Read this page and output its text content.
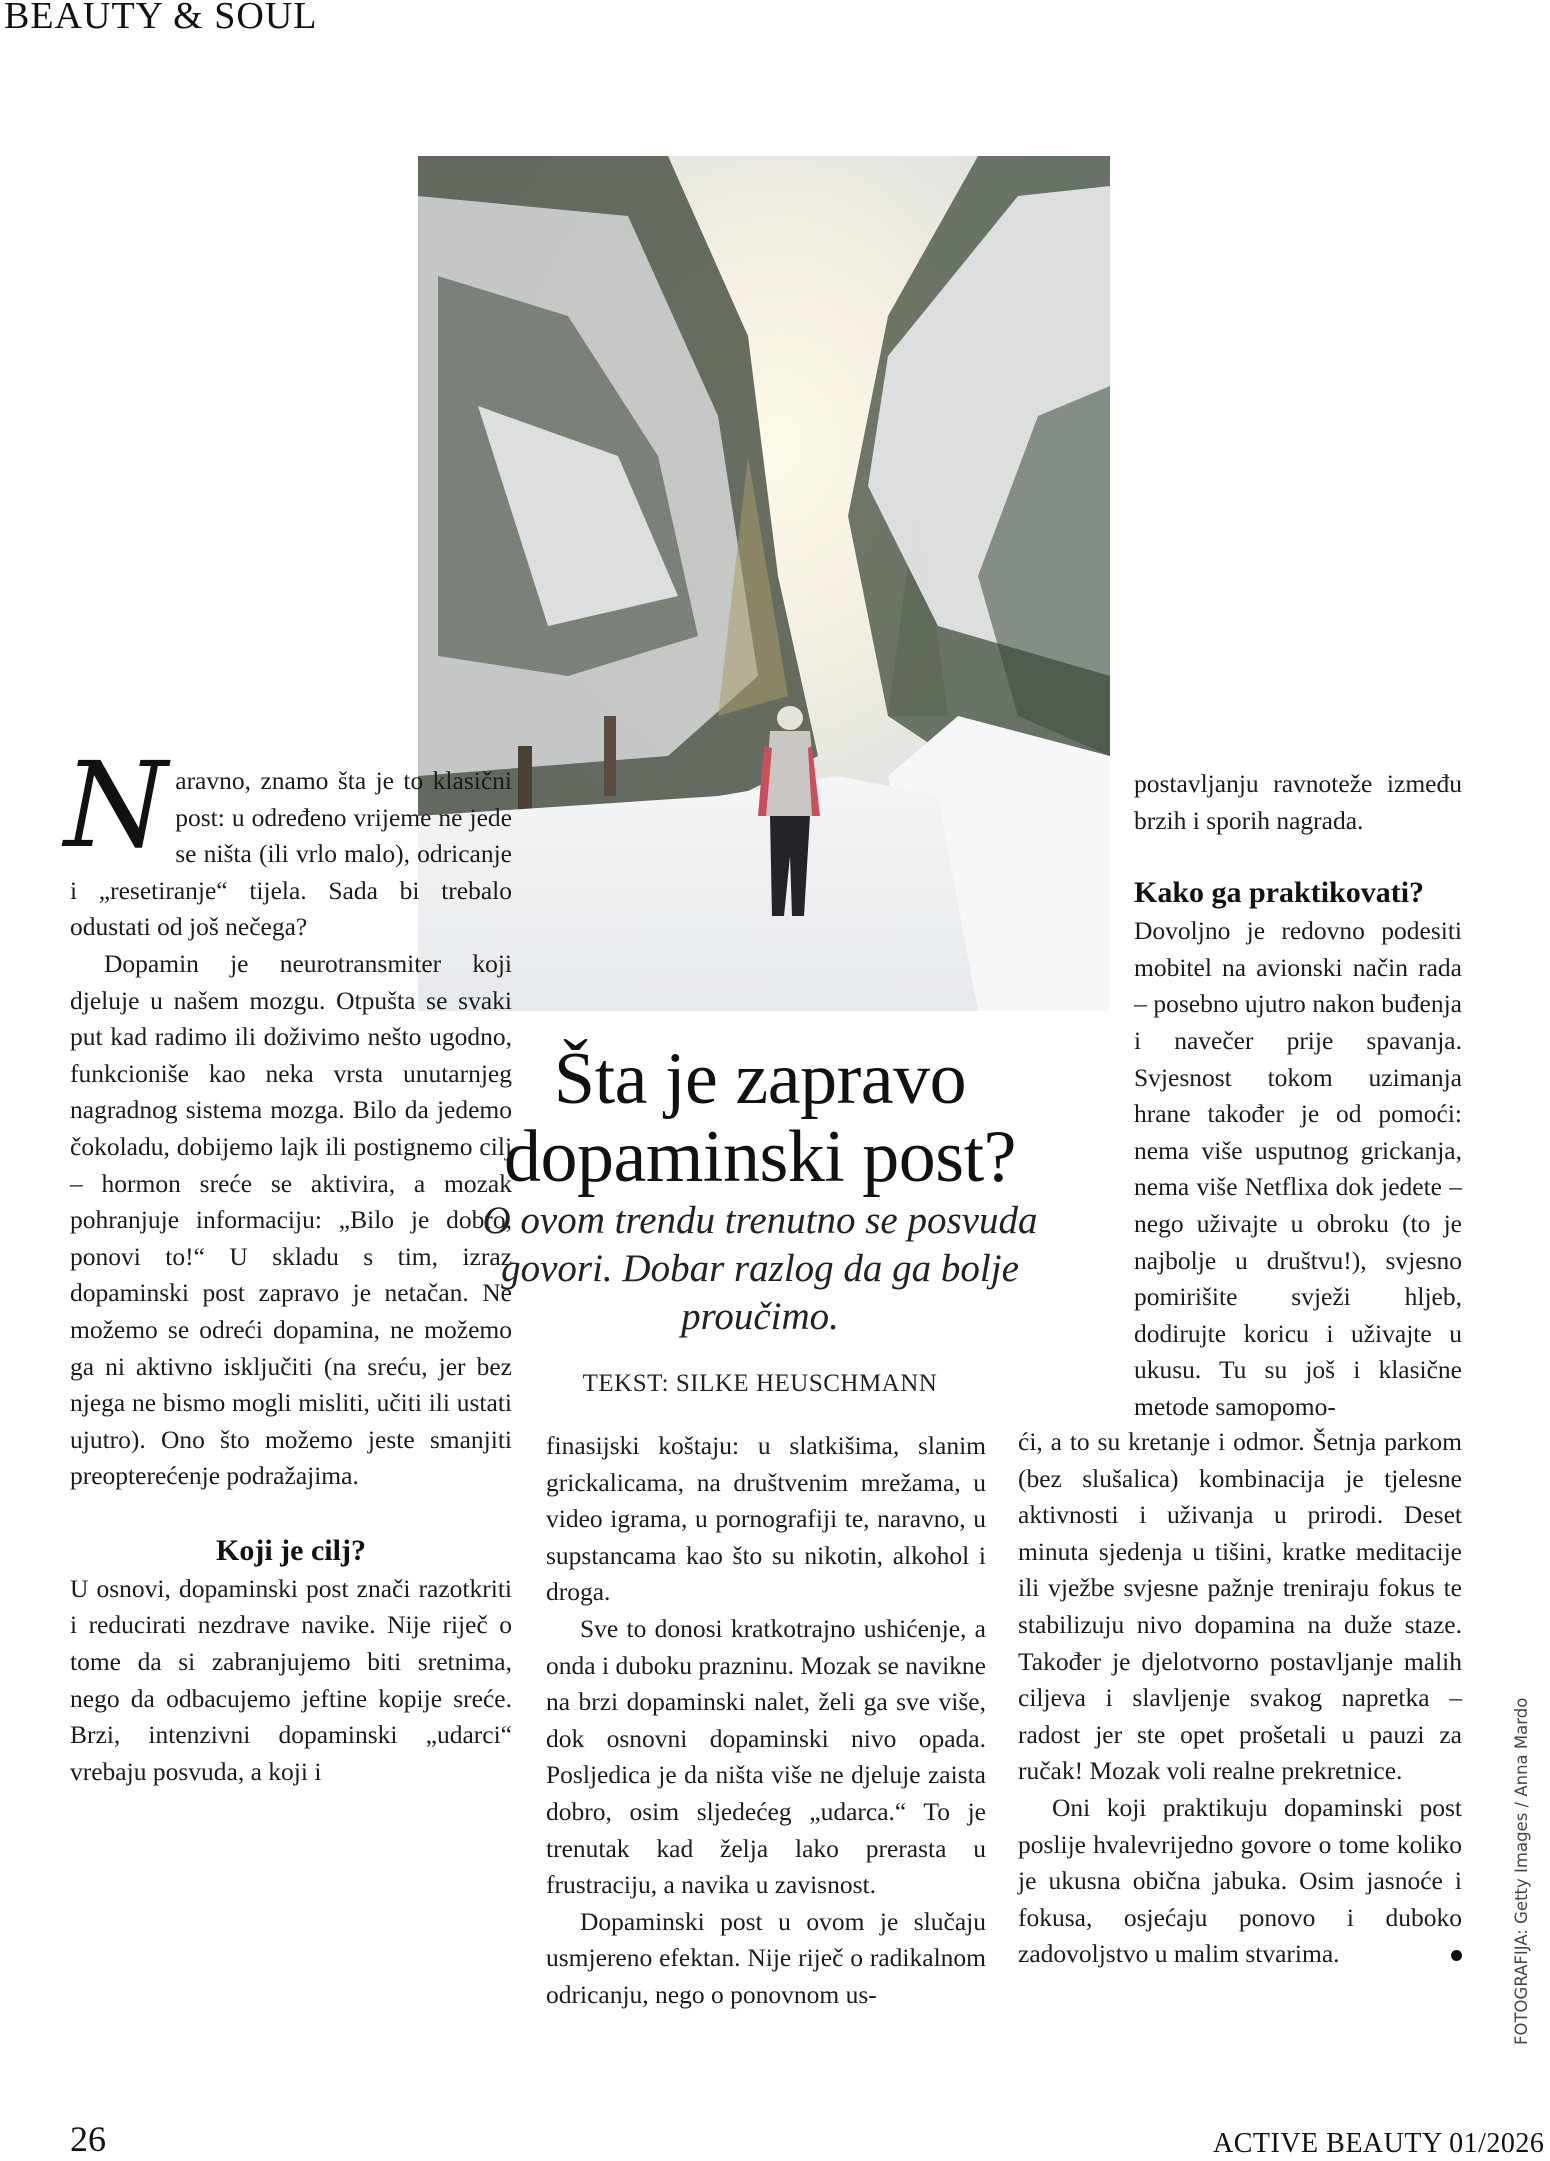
BEAUTY & SOUL

Naravno, znamo šta je to klasični post: u određeno vrijeme ne jede se ništa (ili vrlo malo), odricanje i „resetiranje“ tijela. Sada bi trebalo odustati od još nečega?

Dopamin je neurotransmiter koji djeluje u našem mozgu. Otpušta se svaki put kad radimo ili doživimo nešto ugodno, funkcioniše kao neka vrsta unutarnjeg nagradnog sistema mozga. Bilo da jedemo čokoladu, dobijemo lajk ili postignemo cilj – hormon sreće se aktivira, a mozak pohranjuje informaciju: „Bilo je dobro, ponovi to!“ U skladu s tim, izraz dopaminski post zapravo je netačan. Ne možemo se odreći dopamina, ne možemo ga ni aktivno isključiti (na sreću, jer bez njega ne bismo mogli misliti, učiti ili ustati ujutro). Ono što možemo jeste smanjiti preopterećenje podražajima.

Koji je cilj?

U osnovi, dopaminski post znači razotkriti i reducirati nezdrave navike. Nije riječ o tome da si zabranjujemo biti sretnima, nego da odbacujemo jeftine kopije sreće. Brzi, intenzivni dopaminski „udarci“ vrebaju posvuda, a koji i

Šta je zapravo dopaminski post?

O ovom trendu trenutno se posvuda govori. Dobar razlog da ga bolje proučimo.

TEKST: SILKE HEUSCHMANN

finasijski koštaju: u slatkišima, slanim grickalicama, na društvenim mrežama, u video igrama, u pornografiji te, naravno, u supstancama kao što su nikotin, alkohol i droga.

Sve to donosi kratkotrajno ushićenje, a onda i duboku prazninu. Mozak se navikne na brzi dopaminski nalet, želi ga sve više, dok osnovni dopaminski nivo opada. Posljedica je da ništa više ne djeluje zaista dobro, osim sljedećeg „udarca.“ To je trenutak kad želja lako prerasta u frustraciju, a navika u zavisnost.

Dopaminski post u ovom je slučaju usmjereno efektan. Nije riječ o radikalnom odricanju, nego o ponovnom us-

postavljanju ravnoteže između brzih i sporih nagrada.

Kako ga praktikovati?

Dovoljno je redovno podesiti mobitel na avionski način rada – posebno ujutro nakon buđenja i navečer prije spavanja. Svjesnost tokom uzimanja hrane također je od pomoći: nema više usputnog grickanja, nema više Netflixa dok jedete – nego uživajte u obroku (to je najbolje u društvu!), svjesno pomirišite svježi hljeb, dodirujte koricu i uživajte u ukusu. Tu su još i klasične metode samopomo-

ći, a to su kretanje i odmor. Šetnja parkom (bez slušalica) kombinacija je tjelesne aktivnosti i uživanja u prirodi. Deset minuta sjedenja u tišini, kratke meditacije ili vježbe svjesne pažnje treniraju fokus te stabilizuju nivo dopamina na duže staze. Također je djelotvorno postavljanje malih ciljeva i slavljenje svakog napretka – radost jer ste opet prošetali u pauzi za ručak! Mozak voli realne prekretnice.

Oni koji praktikuju dopaminski post poslije hvalevrijedno govore o tome koliko je ukusna obična jabuka. Osim jasnoće i fokusa, osjećaju ponovo i duboko zadovoljstvo u malim stvarima.	FOTOGRAFIJA: Getty Images / Anna Mardo
26	ACTIVE BEAUTY 01/2026
